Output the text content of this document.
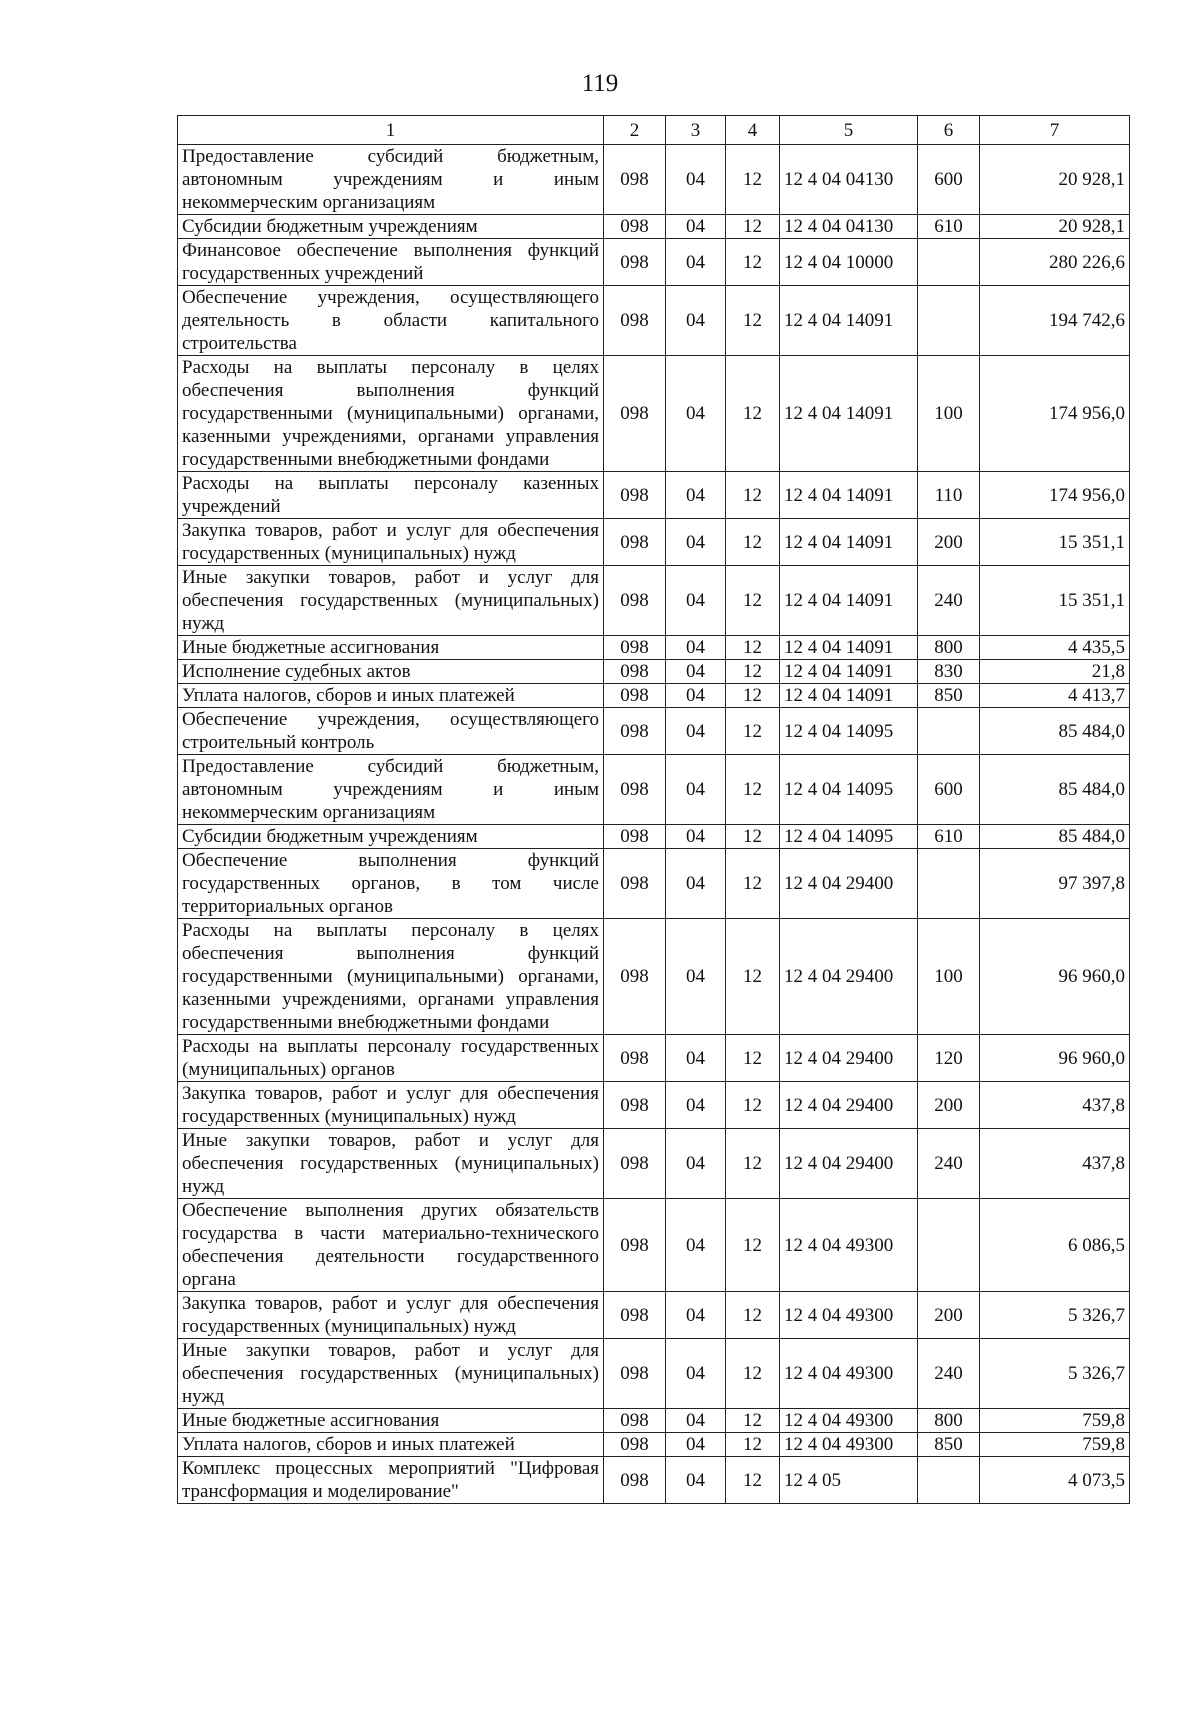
119
1	2	3	4	5	6	7
Предоставление субсидий бюджетным, автономным учреждениям и иным некоммерческим организациям	098	04	12	12 4 04 04130	600	20 928,1
Субсидии бюджетным учреждениям	098	04	12	12 4 04 04130	610	20 928,1
Финансовое обеспечение выполнения функций государственных учреждений	098	04	12	12 4 04 10000		280 226,6
Обеспечение учреждения, осуществляющего деятельность в области капитального строительства	098	04	12	12 4 04 14091		194 742,6
Расходы на выплаты персоналу в целях обеспечения выполнения функций государственными (муниципальными) органами, казенными учреждениями, органами управления государственными внебюджетными фондами	098	04	12	12 4 04 14091	100	174 956,0
Расходы на выплаты персоналу казенных учреждений	098	04	12	12 4 04 14091	110	174 956,0
Закупка товаров, работ и услуг для обеспечения государственных (муниципальных) нужд	098	04	12	12 4 04 14091	200	15 351,1
Иные закупки товаров, работ и услуг для обеспечения государственных (муниципальных) нужд	098	04	12	12 4 04 14091	240	15 351,1
Иные бюджетные ассигнования	098	04	12	12 4 04 14091	800	4 435,5
Исполнение судебных актов	098	04	12	12 4 04 14091	830	21,8
Уплата налогов, сборов и иных платежей	098	04	12	12 4 04 14091	850	4 413,7
Обеспечение учреждения, осуществляющего строительный контроль	098	04	12	12 4 04 14095		85 484,0
Предоставление субсидий бюджетным, автономным учреждениям и иным некоммерческим организациям	098	04	12	12 4 04 14095	600	85 484,0
Субсидии бюджетным учреждениям	098	04	12	12 4 04 14095	610	85 484,0
Обеспечение выполнения функций государственных органов, в том числе территориальных органов	098	04	12	12 4 04 29400		97 397,8
Расходы на выплаты персоналу в целях обеспечения выполнения функций государственными (муниципальными) органами, казенными учреждениями, органами управления государственными внебюджетными фондами	098	04	12	12 4 04 29400	100	96 960,0
Расходы на выплаты персоналу государственных (муниципальных) органов	098	04	12	12 4 04 29400	120	96 960,0
Закупка товаров, работ и услуг для обеспечения государственных (муниципальных) нужд	098	04	12	12 4 04 29400	200	437,8
Иные закупки товаров, работ и услуг для обеспечения государственных (муниципальных) нужд	098	04	12	12 4 04 29400	240	437,8
Обеспечение выполнения других обязательств государства в части материально-технического обеспечения деятельности государственного органа	098	04	12	12 4 04 49300		6 086,5
Закупка товаров, работ и услуг для обеспечения государственных (муниципальных) нужд	098	04	12	12 4 04 49300	200	5 326,7
Иные закупки товаров, работ и услуг для обеспечения государственных (муниципальных) нужд	098	04	12	12 4 04 49300	240	5 326,7
Иные бюджетные ассигнования	098	04	12	12 4 04 49300	800	759,8
Уплата налогов, сборов и иных платежей	098	04	12	12 4 04 49300	850	759,8
Комплекс процессных мероприятий "Цифровая трансформация и моделирование"	098	04	12	12 4 05		4 073,5
